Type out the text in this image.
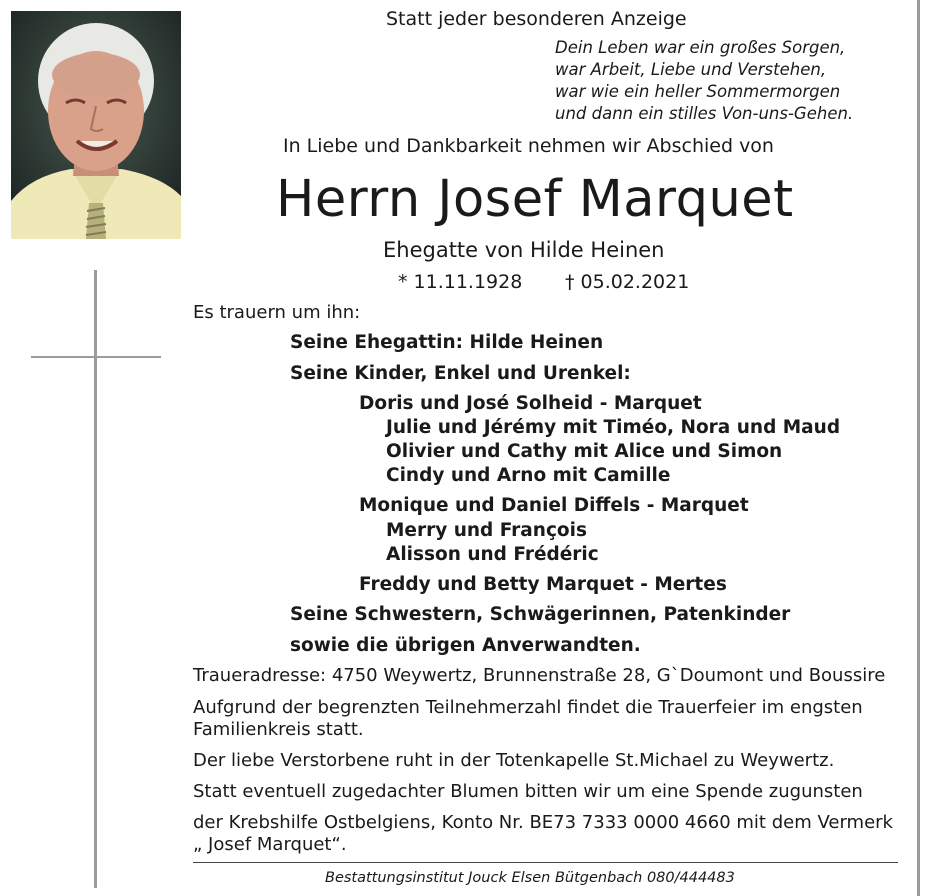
Statt jeder besonderen Anzeige
Dein Leben war ein großes Sorgen,
war Arbeit, Liebe und Verstehen,
war wie ein heller Sommermorgen
und dann ein stilles Von-uns-Gehen.
In Liebe und Dankbarkeit nehmen wir Abschied von
Herrn Josef Marquet
Ehegatte von Hilde Heinen
* 11.11.1928 † 05.02.2021
Es trauern um ihn:
Seine Ehegattin: Hilde Heinen
Seine Kinder, Enkel und Urenkel:
Doris und José Solheid - Marquet
Julie und Jérémy mit Timéo, Nora und Maud
Olivier und Cathy mit Alice und Simon
Cindy und Arno mit Camille
Monique und Daniel Diffels - Marquet
Merry und François
Alisson und Frédéric
Freddy und Betty Marquet - Mertes
Seine Schwestern, Schwägerinnen, Patenkinder
sowie die übrigen Anverwandten.
Traueradresse: 4750 Weywertz, Brunnenstraße 28, G`Doumont und Boussire
Aufgrund der begrenzten Teilnehmerzahl findet die Trauerfeier im engsten
Familienkreis statt.
Der liebe Verstorbene ruht in der Totenkapelle St.Michael zu Weywertz.
Statt eventuell zugedachter Blumen bitten wir um eine Spende zugunsten
der Krebshilfe Ostbelgiens, Konto Nr. BE73 7333 0000 4660 mit dem Vermerk
„ Josef Marquet“.
Bestattungsinstitut Jouck Elsen Bütgenbach 080/444483
